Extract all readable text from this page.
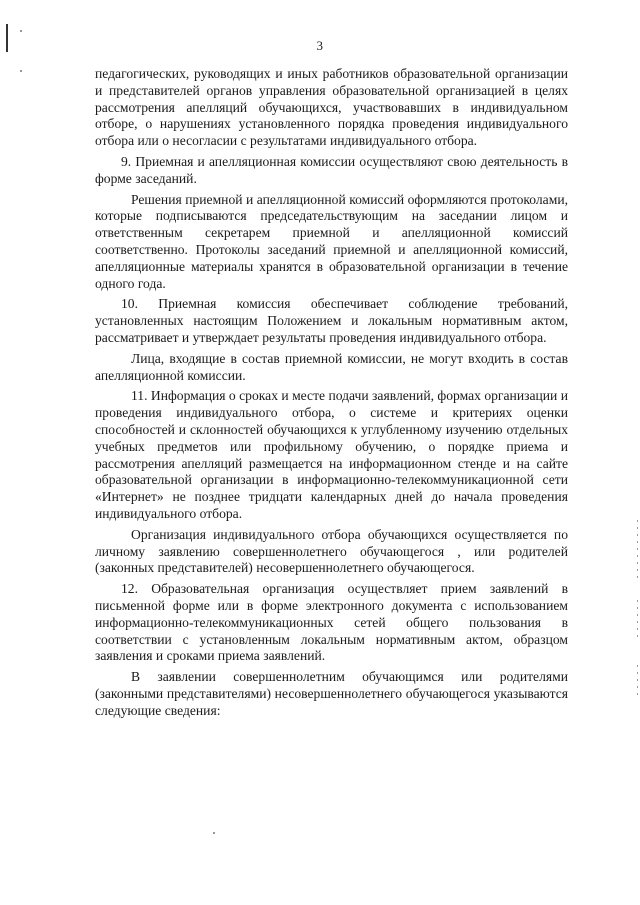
3

педагогических, руководящих и иных работников образовательной организации и представителей органов управления образовательной организацией в целях рассмотрения апелляций обучающихся, участвовавших в индивидуальном отборе, о нарушениях установленного порядка проведения индивидуального отбора или о несогласии с результатами индивидуального отбора.

9. Приемная и апелляционная комиссии осуществляют свою деятельность в форме заседаний.

Решения приемной и апелляционной комиссий оформляются протоколами, которые подписываются председательствующим на заседании лицом и ответственным секретарем приемной и апелляционной комиссий соответственно. Протоколы заседаний приемной и апелляционной комиссий, апелляционные материалы хранятся в образовательной организации в течение одного года.

10. Приемная комиссия обеспечивает соблюдение требований, установленных настоящим Положением и локальным нормативным актом, рассматривает и утверждает результаты проведения индивидуального отбора.

Лица, входящие в состав приемной комиссии, не могут входить в состав апелляционной комиссии.

11. Информация о сроках и месте подачи заявлений, формах организации и проведения индивидуального отбора, о системе и критериях оценки способностей и склонностей обучающихся к углубленному изучению отдельных учебных предметов или профильному обучению, о порядке приема и рассмотрения апелляций размещается на информационном стенде и на сайте образовательной организации в информационно-телекоммуникационной сети «Интернет» не позднее тридцати календарных дней до начала проведения индивидуального отбора.

Организация индивидуального отбора обучающихся осуществляется по личному заявлению совершеннолетнего обучающегося , или родителей (законных представителей) несовершеннолетнего обучающегося.

12. Образовательная организация осуществляет прием заявлений в письменной форме или в форме электронного документа с использованием информационно-телекоммуникационных сетей общего пользования в соответствии с установленным локальным нормативным актом, образцом заявления и сроками приема заявлений.

В заявлении совершеннолетним обучающимся или родителями (законными представителями) несовершеннолетнего обучающегося указываются следующие сведения:
